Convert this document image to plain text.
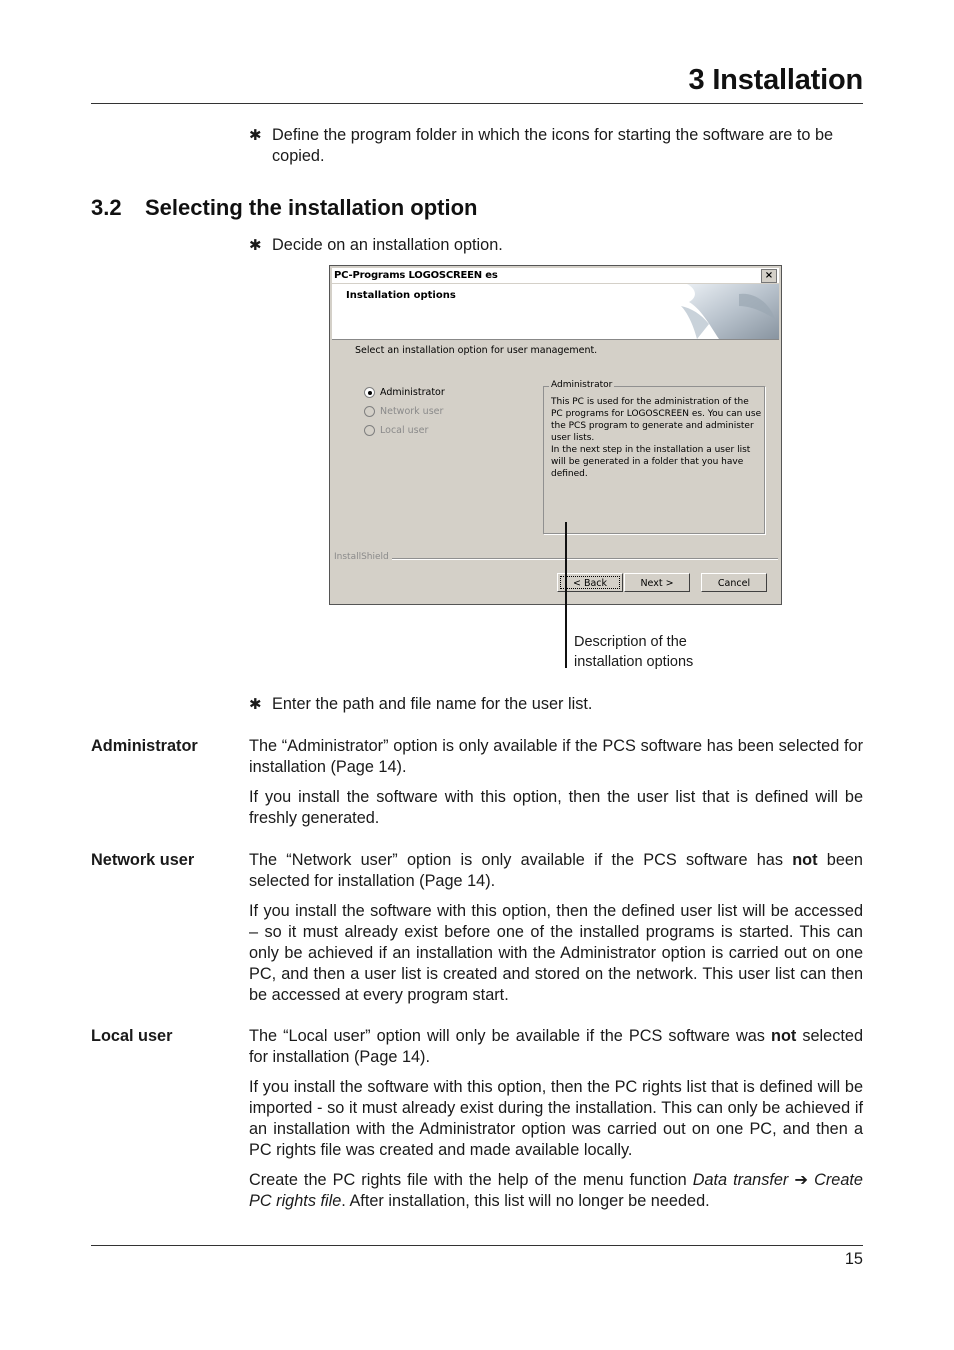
3 Installation
✱ Define the program folder in which the icons for starting the software are to be copied.
3.2	Selecting the installation option
✱ Decide on an installation option.
PC-Programs LOGOSCREEN es	×
Installation options
Select an installation option for user management.
Administrator
Network user
Local user
Administrator
This PC is used for the administration of the PC programs for LOGOSCREEN es. You can use the PCS program to generate and administer user lists.
In the next step in the installation a user list will be generated in a folder that you have defined.
InstallShield
< Back	Next >	Cancel
Description of the
installation options
✱ Enter the path and file name for the user list.
Administrator	The “Administrator” option is only available if the PCS software has been selected for installation (Page 14).
If you install the software with this option, then the user list that is defined will be freshly generated.
Network user	The “Network user” option is only available if the PCS software has not been selected for installation (Page 14).
If you install the software with this option, then the defined user list will be accessed – so it must already exist before one of the installed programs is started. This can only be achieved if an installation with the Administrator option is carried out on one PC, and then a user list is created and stored on the network. This user list can then be accessed at every program start.
Local user	The “Local user” option will only be available if the PCS software was not selected for installation (Page 14).
If you install the software with this option, then the PC rights list that is defined will be imported - so it must already exist during the installation. This can only be achieved if an installation with the Administrator option was carried out on one PC, and then a PC rights file was created and made available locally.
Create the PC rights file with the help of the menu function Data transfer ➔ Create PC rights file. After installation, this list will no longer be needed.
15
